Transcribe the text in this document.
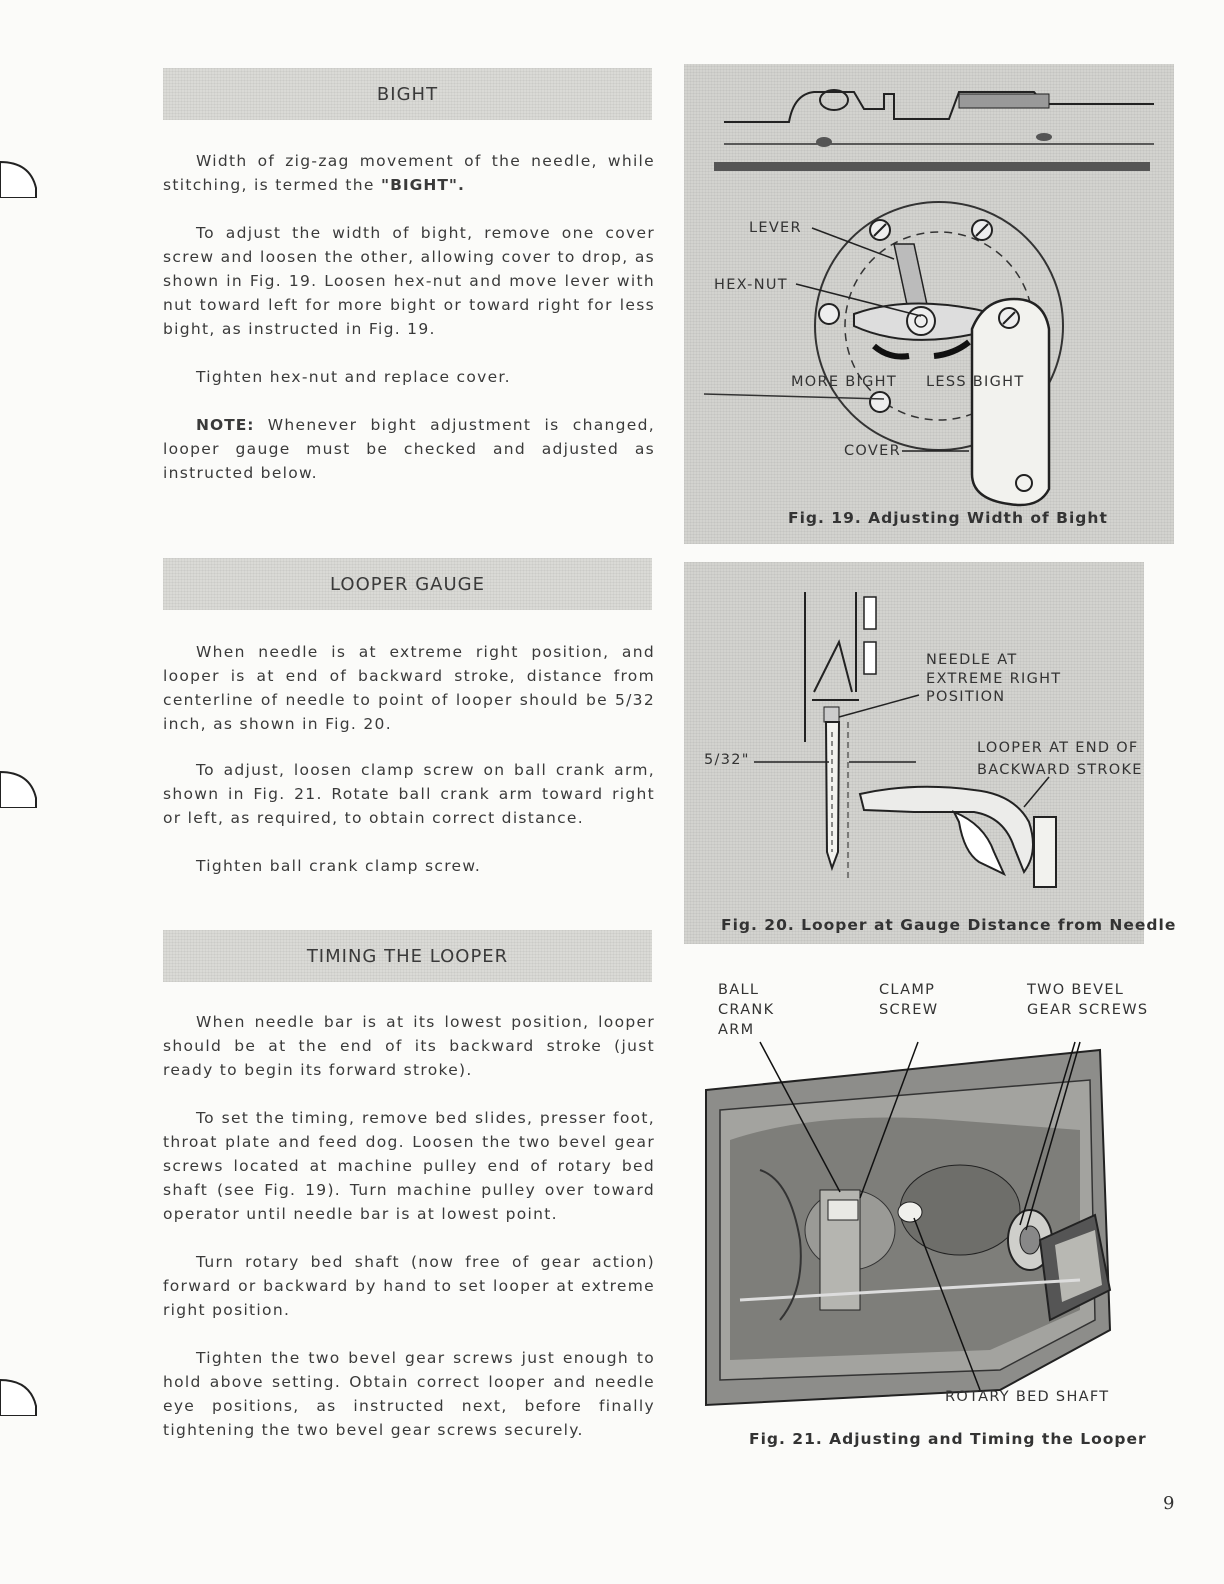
BIGHT

Width of zig-zag movement of the needle, while stitching, is termed the "BIGHT".

To adjust the width of bight, remove one cover screw and loosen the other, allowing cover to drop, as shown in Fig. 19. Loosen hex-nut and move lever with nut toward left for more bight or toward right for less bight, as instructed in Fig. 19.

Tighten hex-nut and replace cover.

NOTE: Whenever bight adjustment is changed, looper gauge must be checked and adjusted as instructed below.

LOOPER GAUGE

When needle is at extreme right position, and looper is at end of backward stroke, distance from centerline of needle to point of looper should be 5/32 inch, as shown in Fig. 20.

To adjust, loosen clamp screw on ball crank arm, shown in Fig. 21. Rotate ball crank arm toward right or left, as required, to obtain correct distance.

Tighten ball crank clamp screw.

TIMING THE LOOPER

When needle bar is at its lowest position, looper should be at the end of its backward stroke (just ready to begin its forward stroke).

To set the timing, remove bed slides, presser foot, throat plate and feed dog. Loosen the two bevel gear screws located at machine pulley end of rotary bed shaft (see Fig. 19). Turn machine pulley over toward operator until needle bar is at lowest point.

Turn rotary bed shaft (now free of gear action) forward or backward by hand to set looper at extreme right position.

Tighten the two bevel gear screws just enough to hold above setting. Obtain correct looper and needle eye positions, as instructed next, before finally tightening the two bevel gear screws securely.

LEVER
HEX-NUT
MORE BIGHT LESS BIGHT
COVER
Fig. 19. Adjusting Width of Bight
NEEDLE AT
EXTREME RIGHT
POSITION
LOOPER AT END OF
BACKWARD STROKE
5/32"
Fig. 20. Looper at Gauge Distance from Needle
BALL
CRANK
ARM
CLAMP
SCREW
TWO BEVEL
GEAR SCREWS
ROTARY BED SHAFT
Fig. 21. Adjusting and Timing the Looper
9
